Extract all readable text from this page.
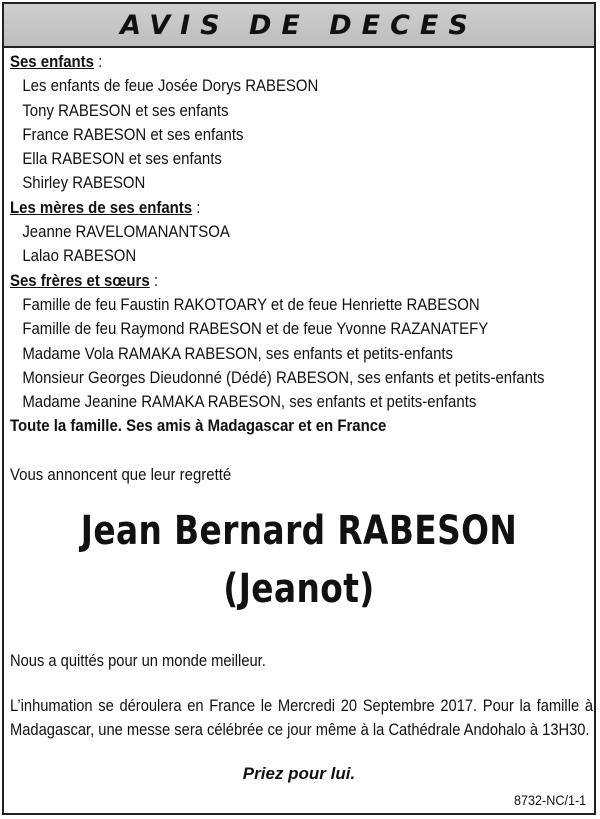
AVIS DE DECES
Ses enfants :
Les enfants de feue Josée Dorys RABESON
Tony RABESON et ses enfants
France RABESON et ses enfants
Ella RABESON et ses enfants
Shirley RABESON
Les mères de ses enfants :
Jeanne RAVELOMANANTSOA
Lalao RABESON
Ses frères et sœurs :
Famille de feu Faustin RAKOTOARY et de feue Henriette RABESON
Famille de feu Raymond RABESON et de feue Yvonne RAZANATEFY
Madame Vola RAMAKA RABESON, ses enfants et petits-enfants
Monsieur Georges Dieudonné (Dédé) RABESON, ses enfants et petits-enfants
Madame Jeanine RAMAKA RABESON, ses enfants et petits-enfants
Toute la famille. Ses amis à Madagascar et en France
Vous annoncent que leur regretté
Jean Bernard RABESON
(Jeanot)
Nous a quittés pour un monde meilleur.
L’inhumation se déroulera en France le Mercredi 20 Septembre 2017. Pour la famille à Madagascar, une messe sera célébrée ce jour même à la Cathédrale Andohalo à 13H30.
Priez pour lui.
8732-NC/1-1
